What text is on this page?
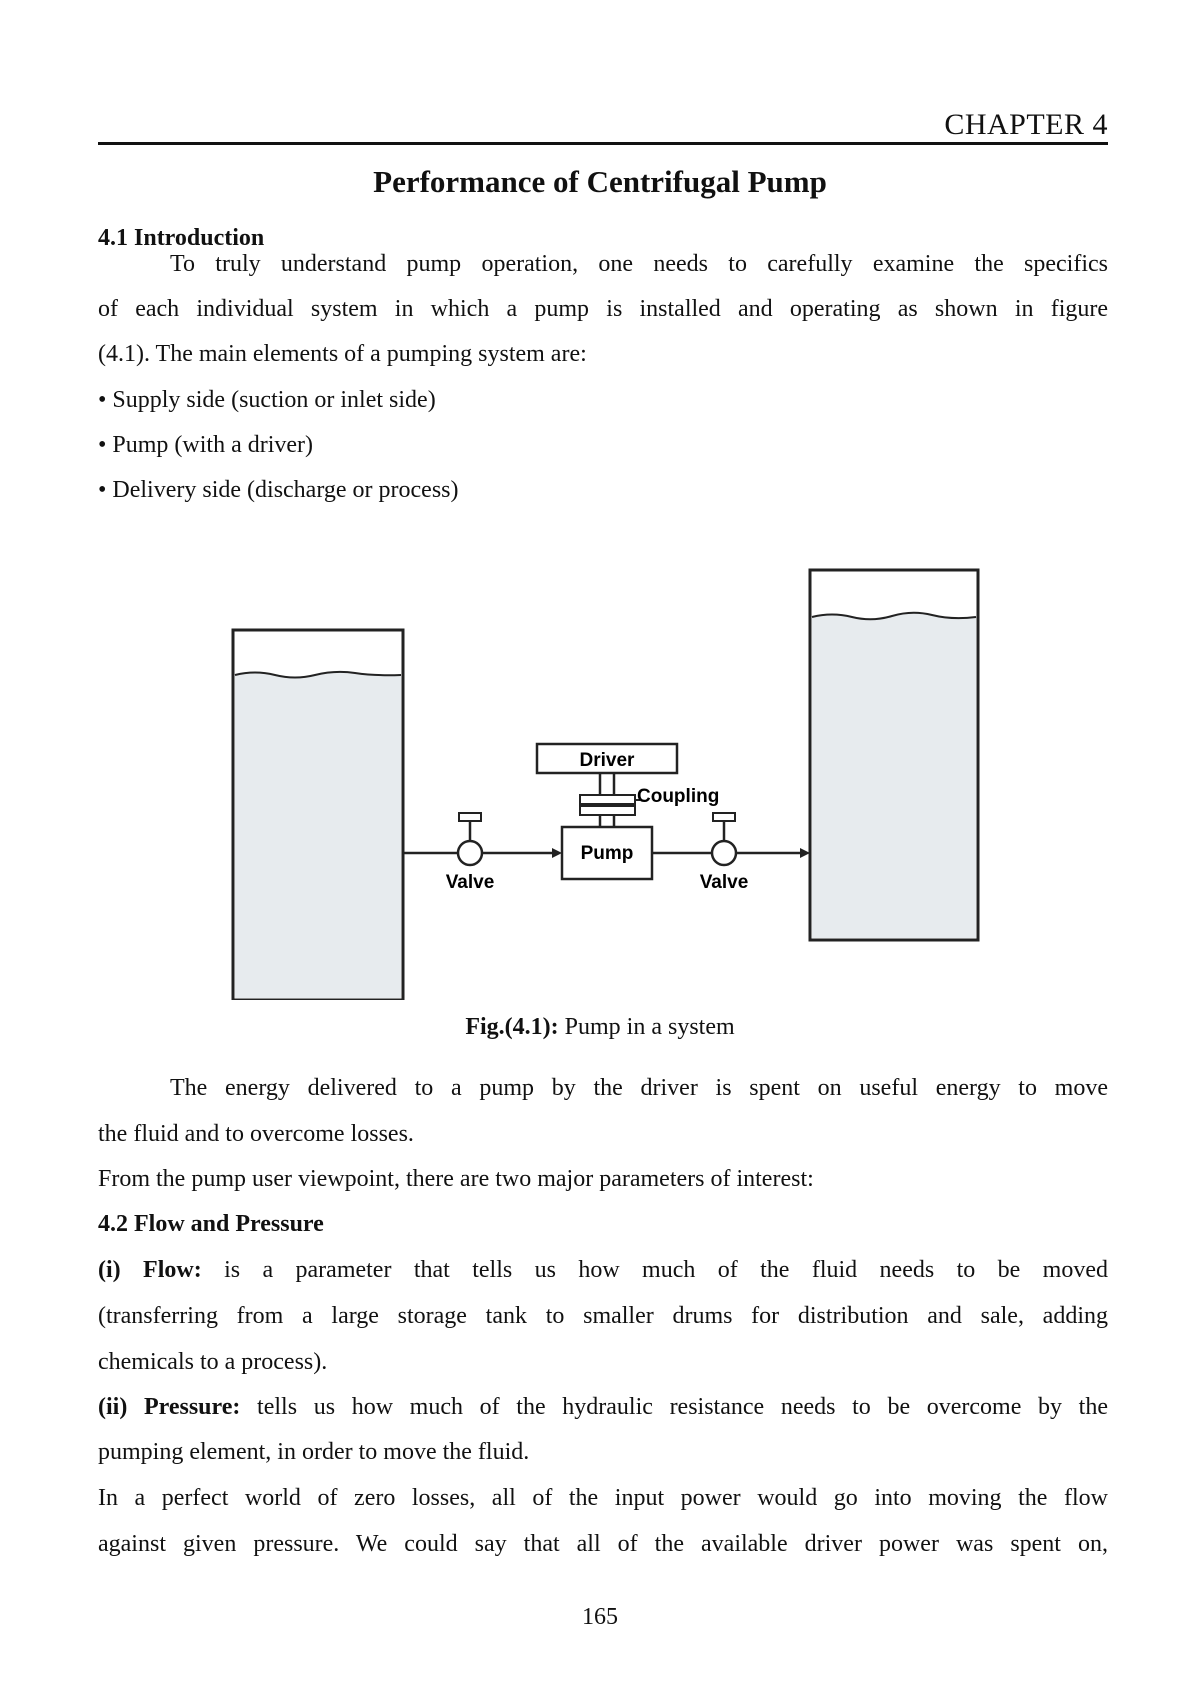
CHAPTER 4
Performance of Centrifugal Pump
4.1 Introduction
To truly understand pump operation, one needs to carefully examine the specifics
of each individual system in which a pump is installed and operating as shown in figure
(4.1). The main elements of a pumping system are:
• Supply side (suction or inlet side)
• Pump (with a driver)
• Delivery side (discharge or process)
Driver
Coupling
Pump
Valve	Valve
Fig.(4.1): Pump in a system
The energy delivered to a pump by the driver is spent on useful energy to move
the fluid and to overcome losses.
From the pump user viewpoint, there are two major parameters of interest:
4.2 Flow and Pressure
(i) Flow: is a parameter that tells us how much of the fluid needs to be moved
(transferring from a large storage tank to smaller drums for distribution and sale, adding
chemicals to a process).
(ii) Pressure: tells us how much of the hydraulic resistance needs to be overcome by the
pumping element, in order to move the fluid.
In a perfect world of zero losses, all of the input power would go into moving the flow
against given pressure. We could say that all of the available driver power was spent on,
165
